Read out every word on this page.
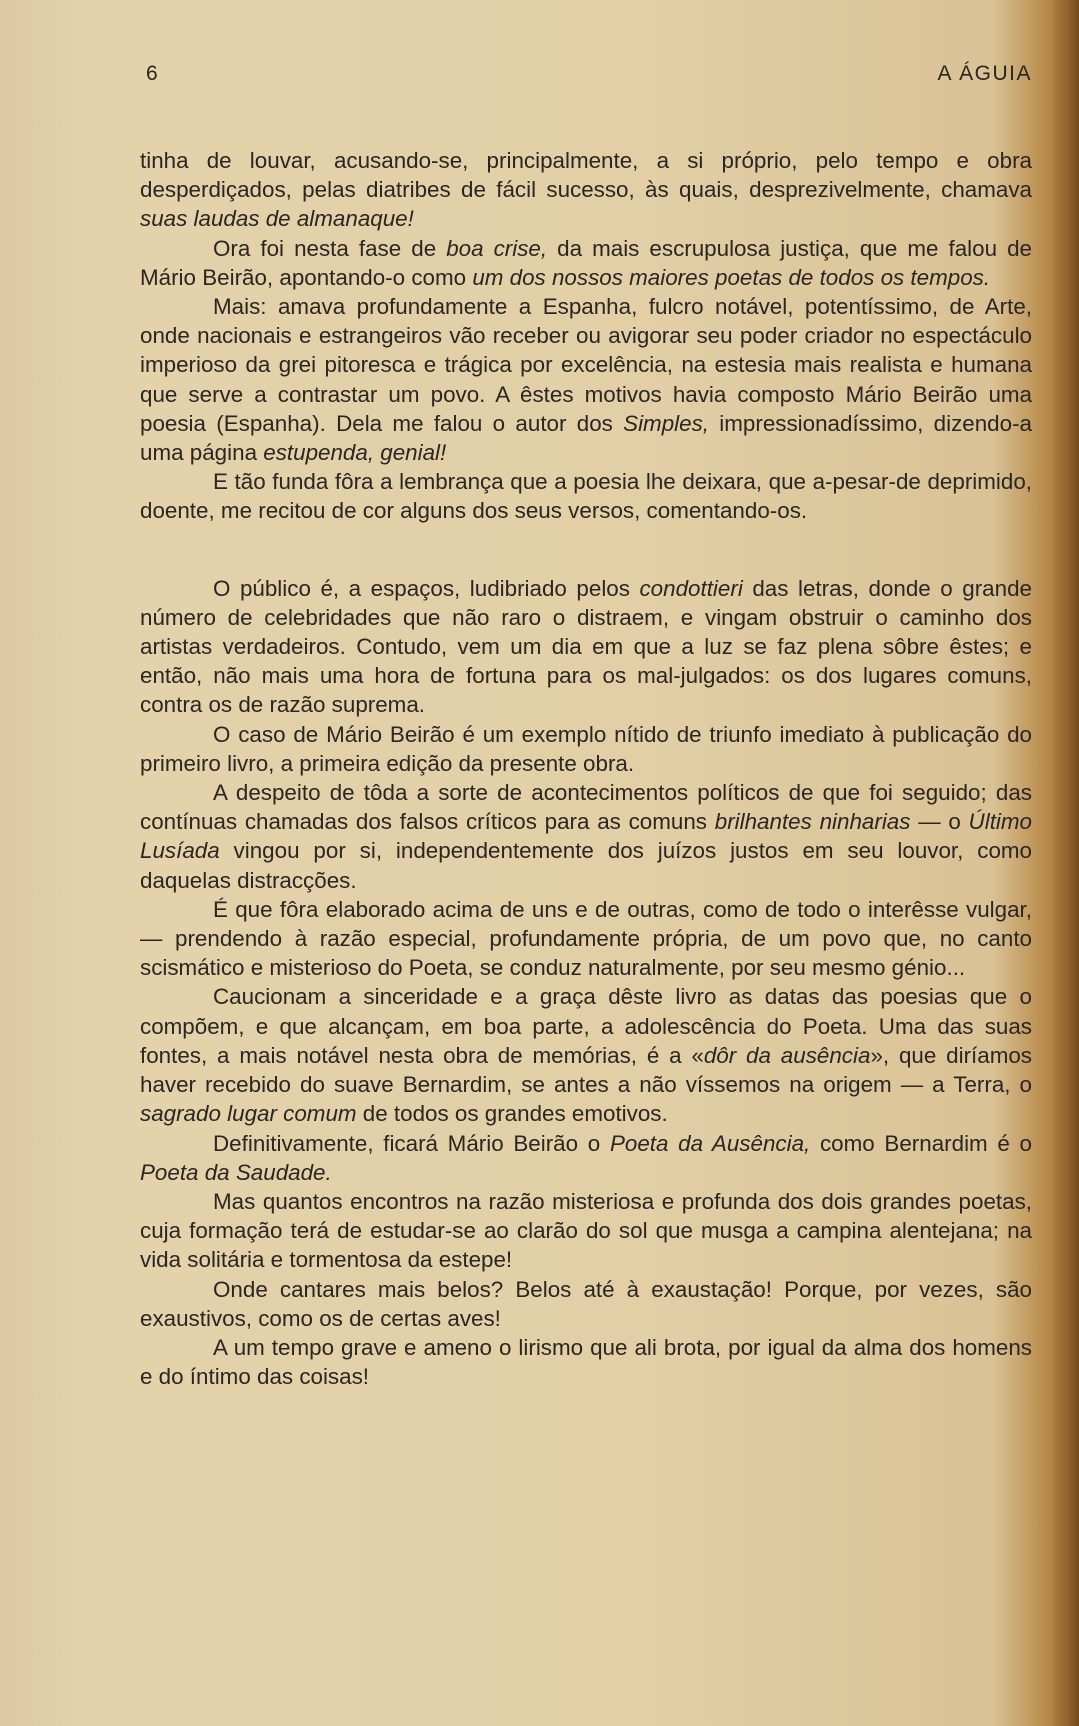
6	A ÁGUIA

tinha de louvar, acusando-se, principalmente, a si próprio, pelo tempo e obra desperdiçados, pelas diatribes de fácil sucesso, às quais, desprezivelmente, chamava suas laudas de almanaque!

Ora foi nesta fase de boa crise, da mais escrupulosa justiça, que me falou de Mário Beirão, apontando-o como um dos nossos maiores poetas de todos os tempos.

Mais: amava profundamente a Espanha, fulcro notável, potentíssimo, de Arte, onde nacionais e estrangeiros vão receber ou avigorar seu poder criador no espectáculo imperioso da grei pitoresca e trágica por excelência, na estesia mais realista e humana que serve a contrastar um povo. A êstes motivos havia composto Mário Beirão uma poesia (Espanha). Dela me falou o autor dos Simples, impressionadíssimo, dizendo-a uma página estupenda, genial!

E tão funda fôra a lembrança que a poesia lhe deixara, que a-pesar-de deprimido, doente, me recitou de cor alguns dos seus versos, comentando-os.

O público é, a espaços, ludibriado pelos condottieri das letras, donde o grande número de celebridades que não raro o distraem, e vingam obstruir o caminho dos artistas verdadeiros. Contudo, vem um dia em que a luz se faz plena sôbre êstes; e então, não mais uma hora de fortuna para os mal-julgados: os dos lugares comuns, contra os de razão suprema.

O caso de Mário Beirão é um exemplo nítido de triunfo imediato à publicação do primeiro livro, a primeira edição da presente obra.

A despeito de tôda a sorte de acontecimentos políticos de que foi seguido; das contínuas chamadas dos falsos críticos para as comuns brilhantes ninharias — o Último Lusíada vingou por si, independentemente dos juízos justos em seu louvor, como daquelas distracções.

É que fôra elaborado acima de uns e de outras, como de todo o interêsse vulgar, — prendendo à razão especial, profundamente própria, de um povo que, no canto scismático e misterioso do Poeta, se conduz naturalmente, por seu mesmo génio...

Caucionam a sinceridade e a graça dêste livro as datas das poesias que o compõem, e que alcançam, em boa parte, a adolescência do Poeta. Uma das suas fontes, a mais notável nesta obra de memórias, é a «dôr da ausência», que diríamos haver recebido do suave Bernardim, se antes a não víssemos na origem — a Terra, o sagrado lugar comum de todos os grandes emotivos.

Definitivamente, ficará Mário Beirão o Poeta da Ausência, como Bernardim é o Poeta da Saudade.

Mas quantos encontros na razão misteriosa e profunda dos dois grandes poetas, cuja formação terá de estudar-se ao clarão do sol que musga a campina alentejana; na vida solitária e tormentosa da estepe!

Onde cantares mais belos? Belos até à exaustação! Porque, por vezes, são exaustivos, como os de certas aves!

A um tempo grave e ameno o lirismo que ali brota, por igual da alma dos homens e do íntimo das coisas!
